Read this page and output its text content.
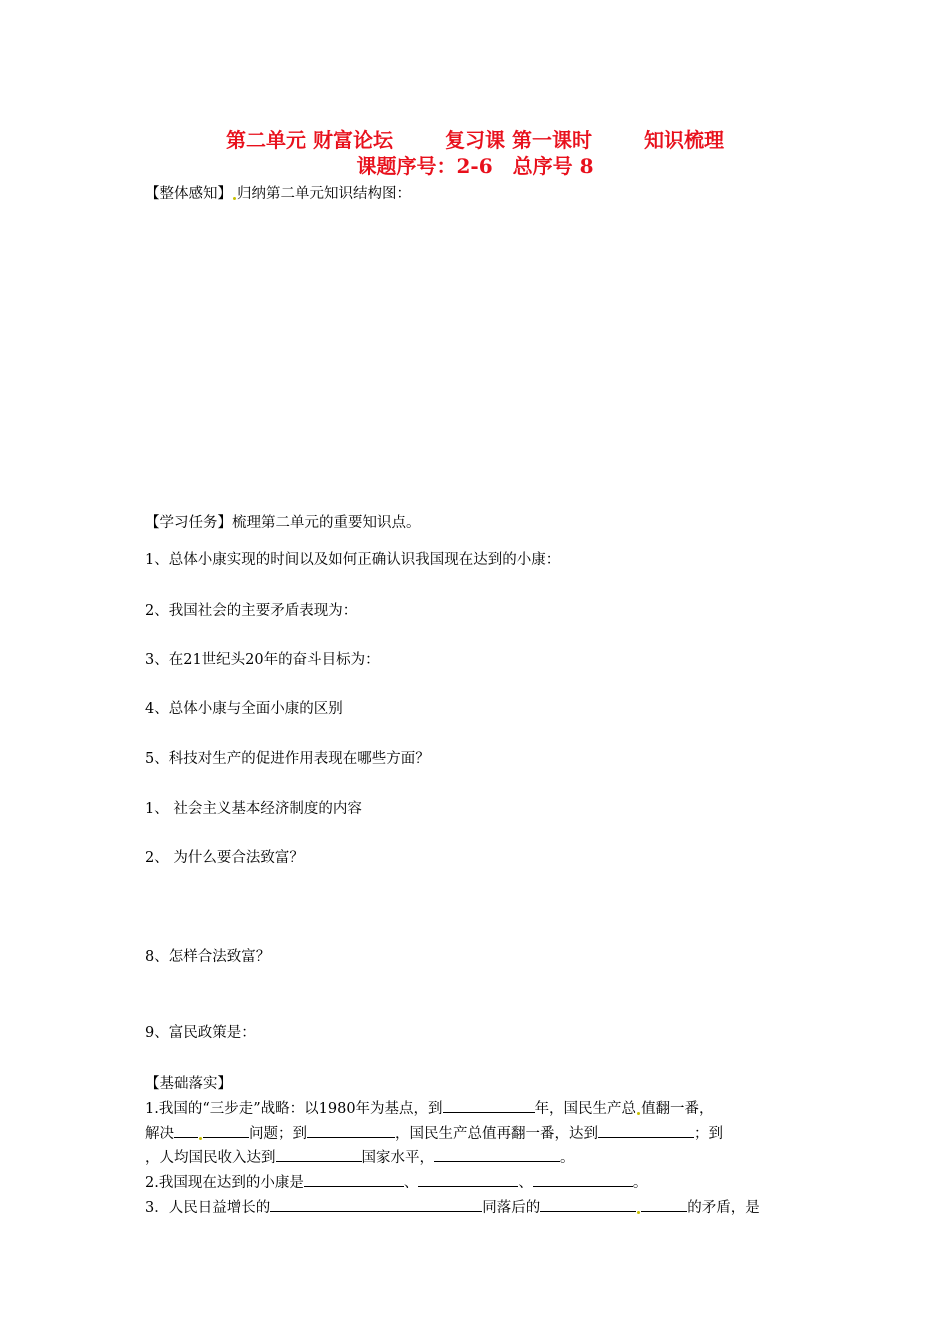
第二单元 财富论坛	复习课 第一课时	知识梳理
课题序号：2-6　总序号 8
【整体感知】 归纳第二单元知识结构图：
【学习任务】梳理第二单元的重要知识点。
1、总体小康实现的时间以及如何正确认识我国现在达到的小康：
2、我国社会的主要矛盾表现为：
3、在21世纪头20年的奋斗目标为：
4、总体小康与全面小康的区别
5、科技对生产的促进作用表现在哪些方面？
1、 社会主义基本经济制度的内容
2、 为什么要合法致富？
8、怎样合法致富？
9、富民政策是：
【基础落实】
1.我国的“三步走”战略：以1980年为基点，到	年，国民生产总 值翻一番，
解决	问题；到	，国民生产总值再翻一番，达到	；到
，人均国民收入达到	国家水平，	。
2.我国现在达到的小康是	、	、	。
3．人民日益增长的	同落后的	的矛盾，是
